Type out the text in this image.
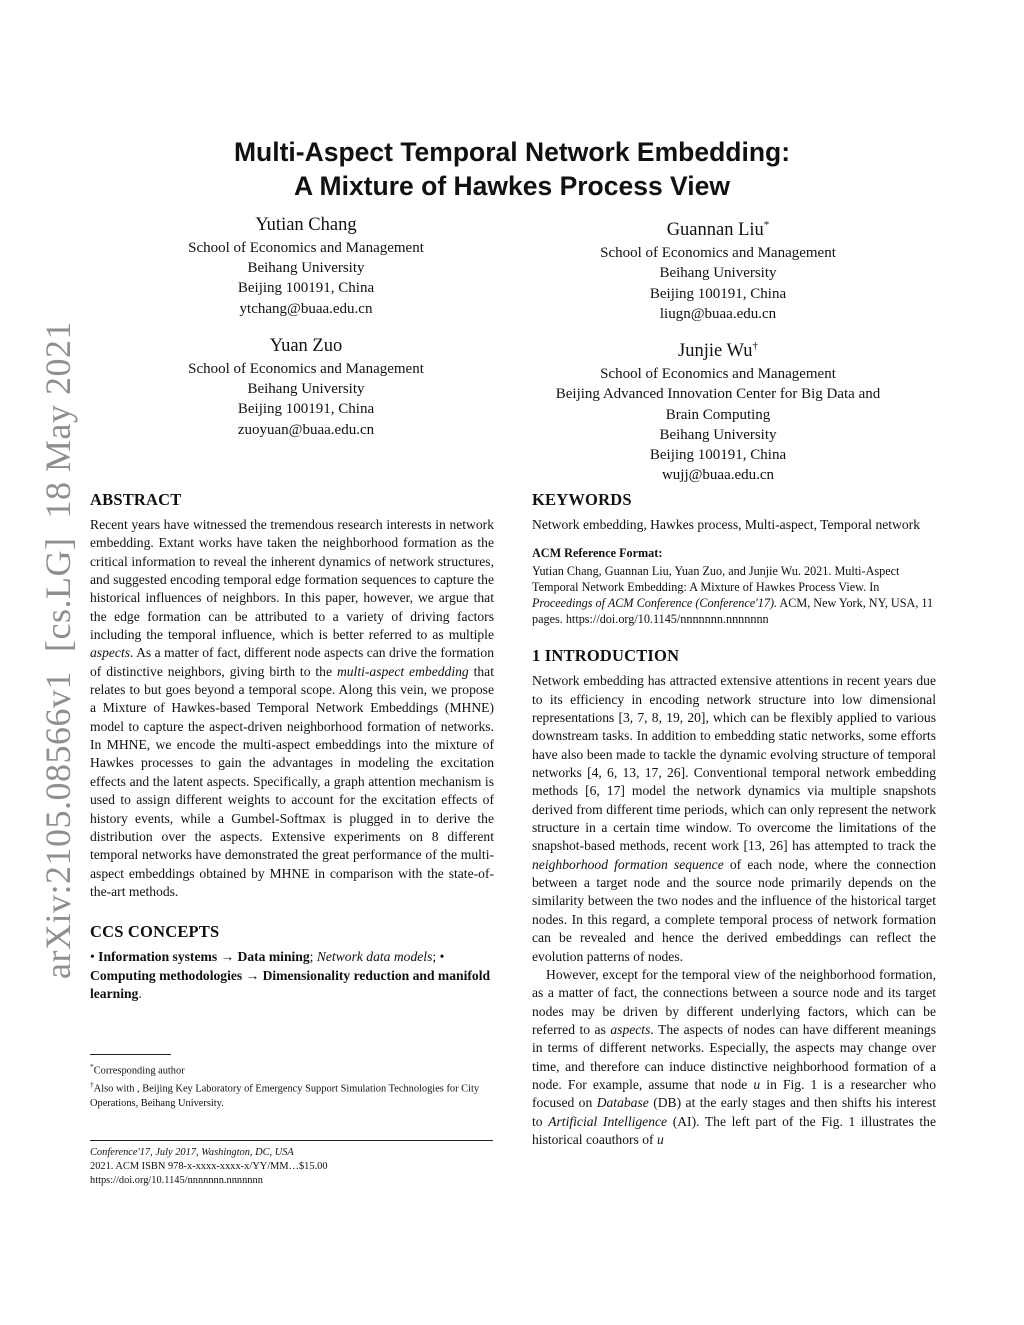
arXiv:2105.08566v1  [cs.LG]  18 May 2021
Multi-Aspect Temporal Network Embedding:
A Mixture of Hawkes Process View
Yutian Chang
School of Economics and Management
Beihang University
Beijing 100191, China
ytchang@buaa.edu.cn
Guannan Liu*
School of Economics and Management
Beihang University
Beijing 100191, China
liugn@buaa.edu.cn
Yuan Zuo
School of Economics and Management
Beihang University
Beijing 100191, China
zuoyuan@buaa.edu.cn
Junjie Wu†
School of Economics and Management
Beijing Advanced Innovation Center for Big Data and
Brain Computing
Beihang University
Beijing 100191, China
wujj@buaa.edu.cn
ABSTRACT

Recent years have witnessed the tremendous research interests in network embedding. Extant works have taken the neighborhood formation as the critical information to reveal the inherent dynamics of network structures, and suggested encoding temporal edge formation sequences to capture the historical influences of neighbors. In this paper, however, we argue that the edge formation can be attributed to a variety of driving factors including the temporal influence, which is better referred to as multiple aspects. As a matter of fact, different node aspects can drive the formation of distinctive neighbors, giving birth to the multi-aspect embedding that relates to but goes beyond a temporal scope. Along this vein, we propose a Mixture of Hawkes-based Temporal Network Embeddings (MHNE) model to capture the aspect-driven neighborhood formation of networks. In MHNE, we encode the multi-aspect embeddings into the mixture of Hawkes processes to gain the advantages in modeling the excitation effects and the latent aspects. Specifically, a graph attention mechanism is used to assign different weights to account for the excitation effects of history events, while a Gumbel-Softmax is plugged in to derive the distribution over the aspects. Extensive experiments on 8 different temporal networks have demonstrated the great performance of the multi-aspect embeddings obtained by MHNE in comparison with the state-of-the-art methods.

CCS CONCEPTS

• Information systems → Data mining; Network data models; • Computing methodologies → Dimensionality reduction and manifold learning.

*Corresponding author
†Also with , Beijing Key Laboratory of Emergency Support Simulation Technologies for City Operations, Beihang University.
Conference'17, July 2017, Washington, DC, USA
2021. ACM ISBN 978-x-xxxx-xxxx-x/YY/MM…$15.00
https://doi.org/10.1145/nnnnnnn.nnnnnnn
KEYWORDS

Network embedding, Hawkes process, Multi-aspect, Temporal network

ACM Reference Format:
Yutian Chang, Guannan Liu, Yuan Zuo, and Junjie Wu. 2021. Multi-Aspect Temporal Network Embedding: A Mixture of Hawkes Process View. In Proceedings of ACM Conference (Conference'17). ACM, New York, NY, USA, 11 pages. https://doi.org/10.1145/nnnnnnn.nnnnnnn
1 INTRODUCTION

Network embedding has attracted extensive attentions in recent years due to its efficiency in encoding network structure into low dimensional representations [3, 7, 8, 19, 20], which can be flexibly applied to various downstream tasks. In addition to embedding static networks, some efforts have also been made to tackle the dynamic evolving structure of temporal networks [4, 6, 13, 17, 26]. Conventional temporal network embedding methods [6, 17] model the network dynamics via multiple snapshots derived from different time periods, which can only represent the network structure in a certain time window. To overcome the limitations of the snapshot-based methods, recent work [13, 26] has attempted to track the neighborhood formation sequence of each node, where the connection between a target node and the source node primarily depends on the similarity between the two nodes and the influence of the historical target nodes. In this regard, a complete temporal process of network formation can be revealed and hence the derived embeddings can reflect the evolution patterns of nodes.

However, except for the temporal view of the neighborhood formation, as a matter of fact, the connections between a source node and its target nodes may be driven by different underlying factors, which can be referred to as aspects. The aspects of nodes can have different meanings in terms of different networks. Especially, the aspects may change over time, and therefore can induce distinctive neighborhood formation of a node. For example, assume that node u in Fig. 1 is a researcher who focused on Database (DB) at the early stages and then shifts his interest to Artificial Intelligence (AI). The left part of the Fig. 1 illustrates the historical coauthors of u
